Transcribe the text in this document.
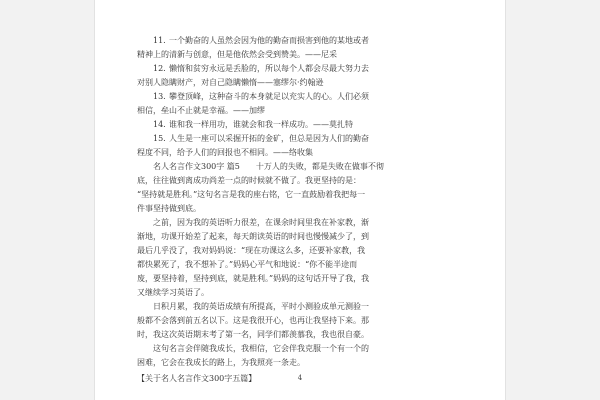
11. 一个勤奋的人虽然会因为他的勤奋而损害到他的某地或者
精神上的清新与创意，但是他依然会受到赞美。——尼采
12. 懒惰和贫穷永远是丢脸的，所以每个人都会尽最大努力去
对别人隐瞒财产，对自己隐瞒懒惰——塞缪尔·约翰逊
13. 攀登顶峰，这种奋斗的本身就足以充实人的心。人们必须
相信，垒山不止就是幸福。——加缪
14. 谁和我一样用功，谁就会和我一样成功。——莫扎特
15. 人生是一座可以采掘开拓的金矿，但总是因为人们的勤奋
程度不同，给予人们的回报也不相同。——络收集
名人名言作文300字 篇5　　十万人的失败，都是失败在做事不彻
底，往往做到离成功尚差一点的时候就不做了。我更坚持的是：
“坚持就是胜利。”这句名言是我的座右铭，它一直鼓励着我把每一
件事坚持做到底。
之前，因为我的英语听力很差，在课余时间里我在补家教，渐
渐地，功课开始差了起来，每天朗读英语的时间也慢慢减少了，到
最后几乎没了，我对妈妈说：“现在功课这么多，还要补家教，我
都快累死了，我不想补了。”妈妈心平气和地说：“你不能半途而
废，要坚持着，坚持到底，就是胜利。”妈妈的这句话开导了我，我
又继续学习英语了。
日积月累，我的英语成绩有所提高，平时小测验成单元测验一
般都不会落到前五名以下。这是我很开心，也再让我坚持下来。那
时，我这次英语期末考了第一名，同学们都羡慕我，我也很自豪。
这句名言会伴随我成长，我相信，它会伴我克服一个有一个的
困难，它会在我成长的路上，为我照亮一条走。
【关于名人名言作文300字五篇】	4
